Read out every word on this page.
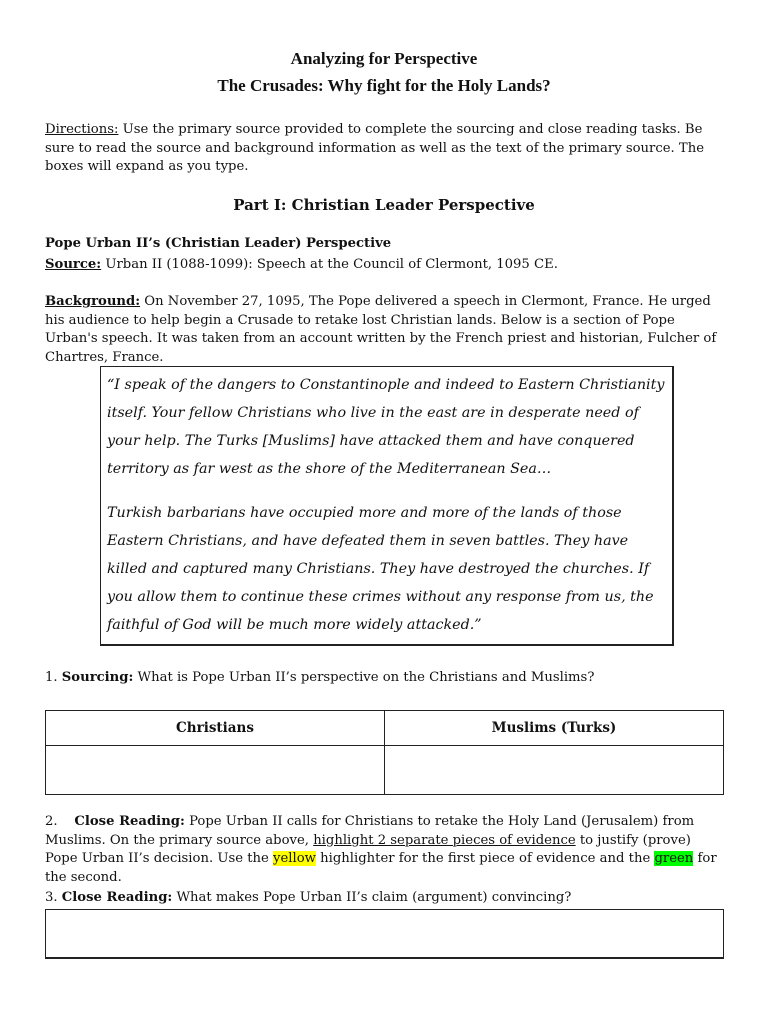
Analyzing for Perspective
The Crusades: Why fight for the Holy Lands?
Directions: Use the primary source provided to complete the sourcing and close reading tasks. Be sure to read the source and background information as well as the text of the primary source. The boxes will expand as you type.
Part I: Christian Leader Perspective
Pope Urban II’s (Christian Leader) Perspective
Source: Urban II (1088-1099): Speech at the Council of Clermont, 1095 CE.
Background: On November 27, 1095, The Pope delivered a speech in Clermont, France. He urged his audience to help begin a Crusade to retake lost Christian lands. Below is a section of Pope Urban's speech. It was taken from an account written by the French priest and historian, Fulcher of Chartres, France.

“I speak of the dangers to Constantinople and indeed to Eastern Christianity itself. Your fellow Christians who live in the east are in desperate need of your help. The Turks [Muslims] have attacked them and have conquered territory as far west as the shore of the Mediterranean Sea…

Turkish barbarians have occupied more and more of the lands of those Eastern Christians, and have defeated them in seven battles. They have killed and captured many Christians. They have destroyed the churches. If you allow them to continue these crimes without any response from us, the faithful of God will be much more widely attacked.”

1. Sourcing: What is Pope Urban II’s perspective on the Christians and Muslims?
Christians	Muslims (Turks)

2.    Close Reading: Pope Urban II calls for Christians to retake the Holy Land (Jerusalem) from Muslims. On the primary source above, highlight 2 separate pieces of evidence to justify (prove) Pope Urban II’s decision. Use the yellow highlighter for the first piece of evidence and the green for the second.
3. Close Reading: What makes Pope Urban II’s claim (argument) convincing?
